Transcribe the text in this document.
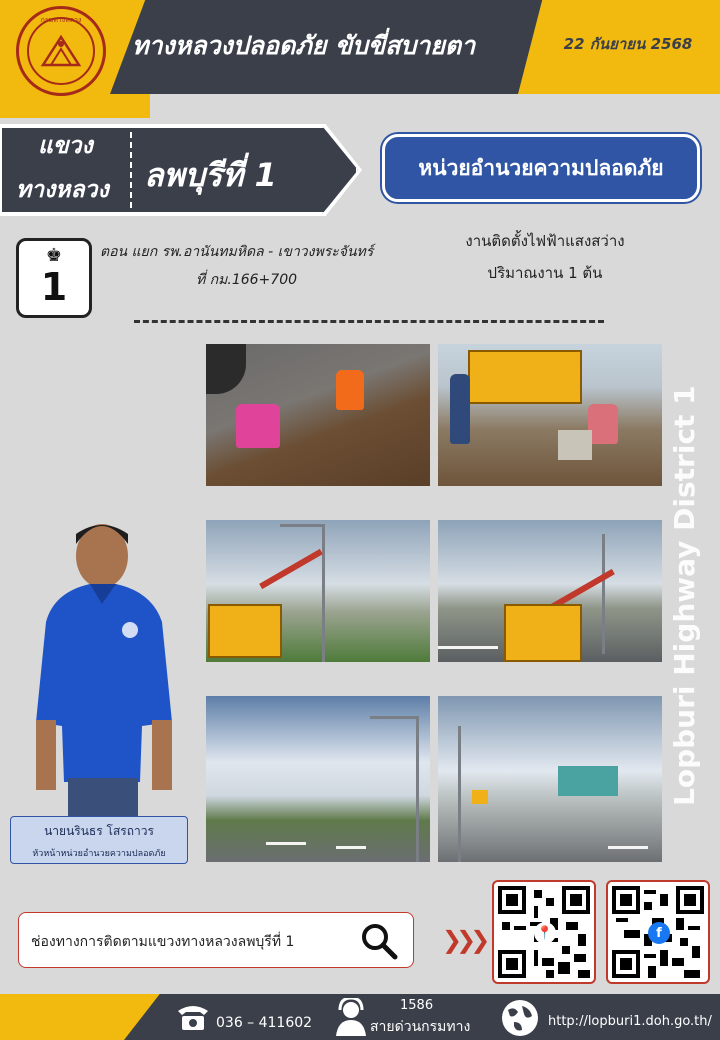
กรมทางหลวง
ทางหลวงปลอดภัย ขับขี่สบายตา	22 กันยายน 2568
แขวง
ทางหลวง ลพบุรีที่ 1	หน่วยอำนวยความปลอดภัย
♚
1
ตอน แยก รพ.อานันทมหิดล - เขาวงพระจันทร์
ที่ กม.166+700
งานติดตั้งไฟฟ้าแสงสว่าง
ปริมาณงาน 1 ต้น
Lopburi Highway District 1
นายนรินธร โสรถาวร
หัวหน้าหน่วยอำนวยความปลอดภัย
ช่องทางการติดตามแขวงทางหลวงลพบุรีที่ 1	❯❯❯	📍	f
036 – 411602
1586
สายด่วนกรมทาง	http://lopburi1.doh.go.th/
